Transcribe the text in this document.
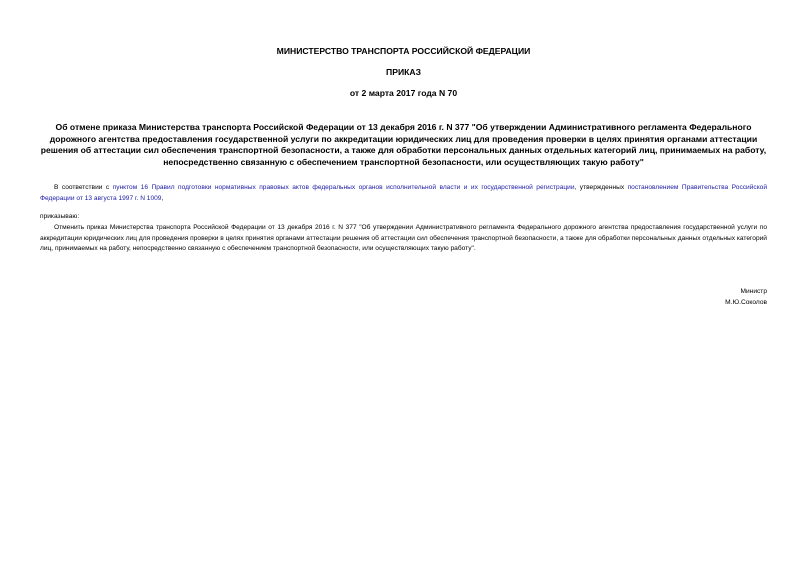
МИНИСТЕРСТВО ТРАНСПОРТА РОССИЙСКОЙ ФЕДЕРАЦИИ
ПРИКАЗ
от 2 марта 2017 года N 70
Об отмене приказа Министерства транспорта Российской Федерации от 13 декабря 2016 г. N 377 "Об утверждении Административного регламента Федерального дорожного агентства предоставления государственной услуги по аккредитации юридических лиц для проведения проверки в целях принятия органами аттестации решения об аттестации сил обеспечения транспортной безопасности, а также для обработки персональных данных отдельных категорий лиц, принимаемых на работу, непосредственно связанную с обеспечением транспортной безопасности, или осуществляющих такую работу"
В соответствии с пунктом 16 Правил подготовки нормативных правовых актов федеральных органов исполнительной власти и их государственной регистрации, утвержденных постановлением Правительства Российской Федерации от 13 августа 1997 г. N 1009,
приказываю:
Отменить приказ Министерства транспорта Российской Федерации от 13 декабря 2016 г. N 377 "Об утверждении Административного регламента Федерального дорожного агентства предоставления государственной услуги по аккредитации юридических лиц для проведения проверки в целях принятия органами аттестации решения об аттестации сил обеспечения транспортной безопасности, а также для обработки персональных данных отдельных категорий лиц, принимаемых на работу, непосредственно связанную с обеспечением транспортной безопасности, или осуществляющих такую работу".
Министр
М.Ю.Соколов
